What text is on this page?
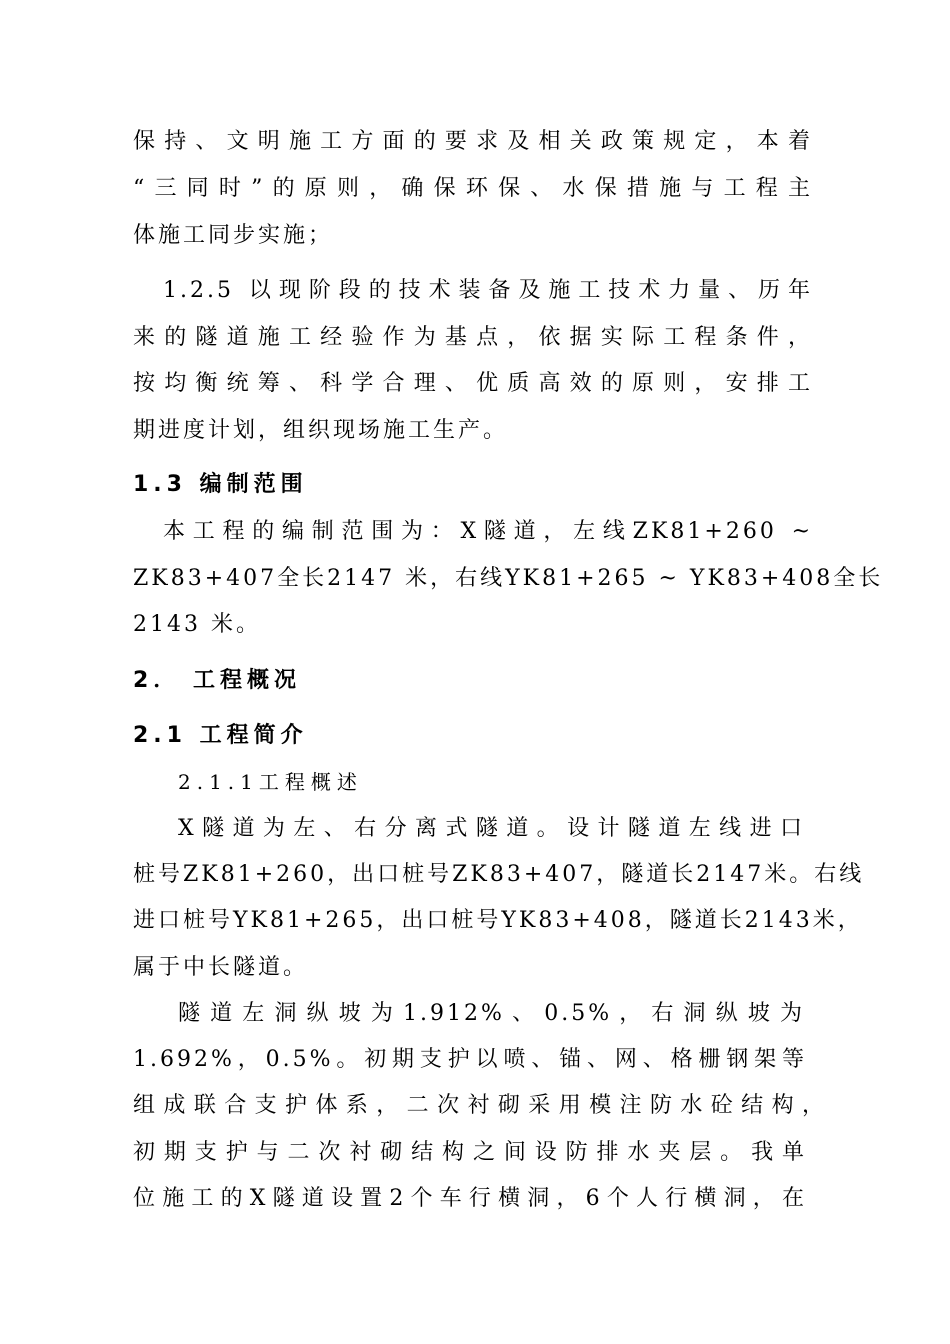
保持、文明施工方面的要求及相关政策规定，本着
“三同时”的原则，确保环保、水保措施与工程主
体施工同步实施；
1.2.5 以现阶段的技术装备及施工技术力量、历年
来的隧道施工经验作为基点，依据实际工程条件，
按均衡统筹、科学合理、优质高效的原则，安排工
期进度计划，组织现场施工生产。
1.3 编制范围
本工程的编制范围为：X隧道，左线ZK81+260 ~
ZK83+407全长2147 米，右线YK81+265 ~ YK83+408全长
2143 米。
2． 工程概况
2.1 工程简介
2.1.1工程概述
X隧道为左、右分离式隧道。设计隧道左线进口
桩号ZK81+260，出口桩号ZK83+407，隧道长2147米。右线
进口桩号YK81+265，出口桩号YK83+408，隧道长2143米，
属于中长隧道。
隧道左洞纵坡为1.912%、0.5%，右洞纵坡为
1.692%，0.5%。初期支护以喷、锚、网、格栅钢架等
组成联合支护体系，二次衬砌采用模注防水砼结构，
初期支护与二次衬砌结构之间设防排水夹层。我单
位施工的X隧道设置2个车行横洞，6个人行横洞，在
